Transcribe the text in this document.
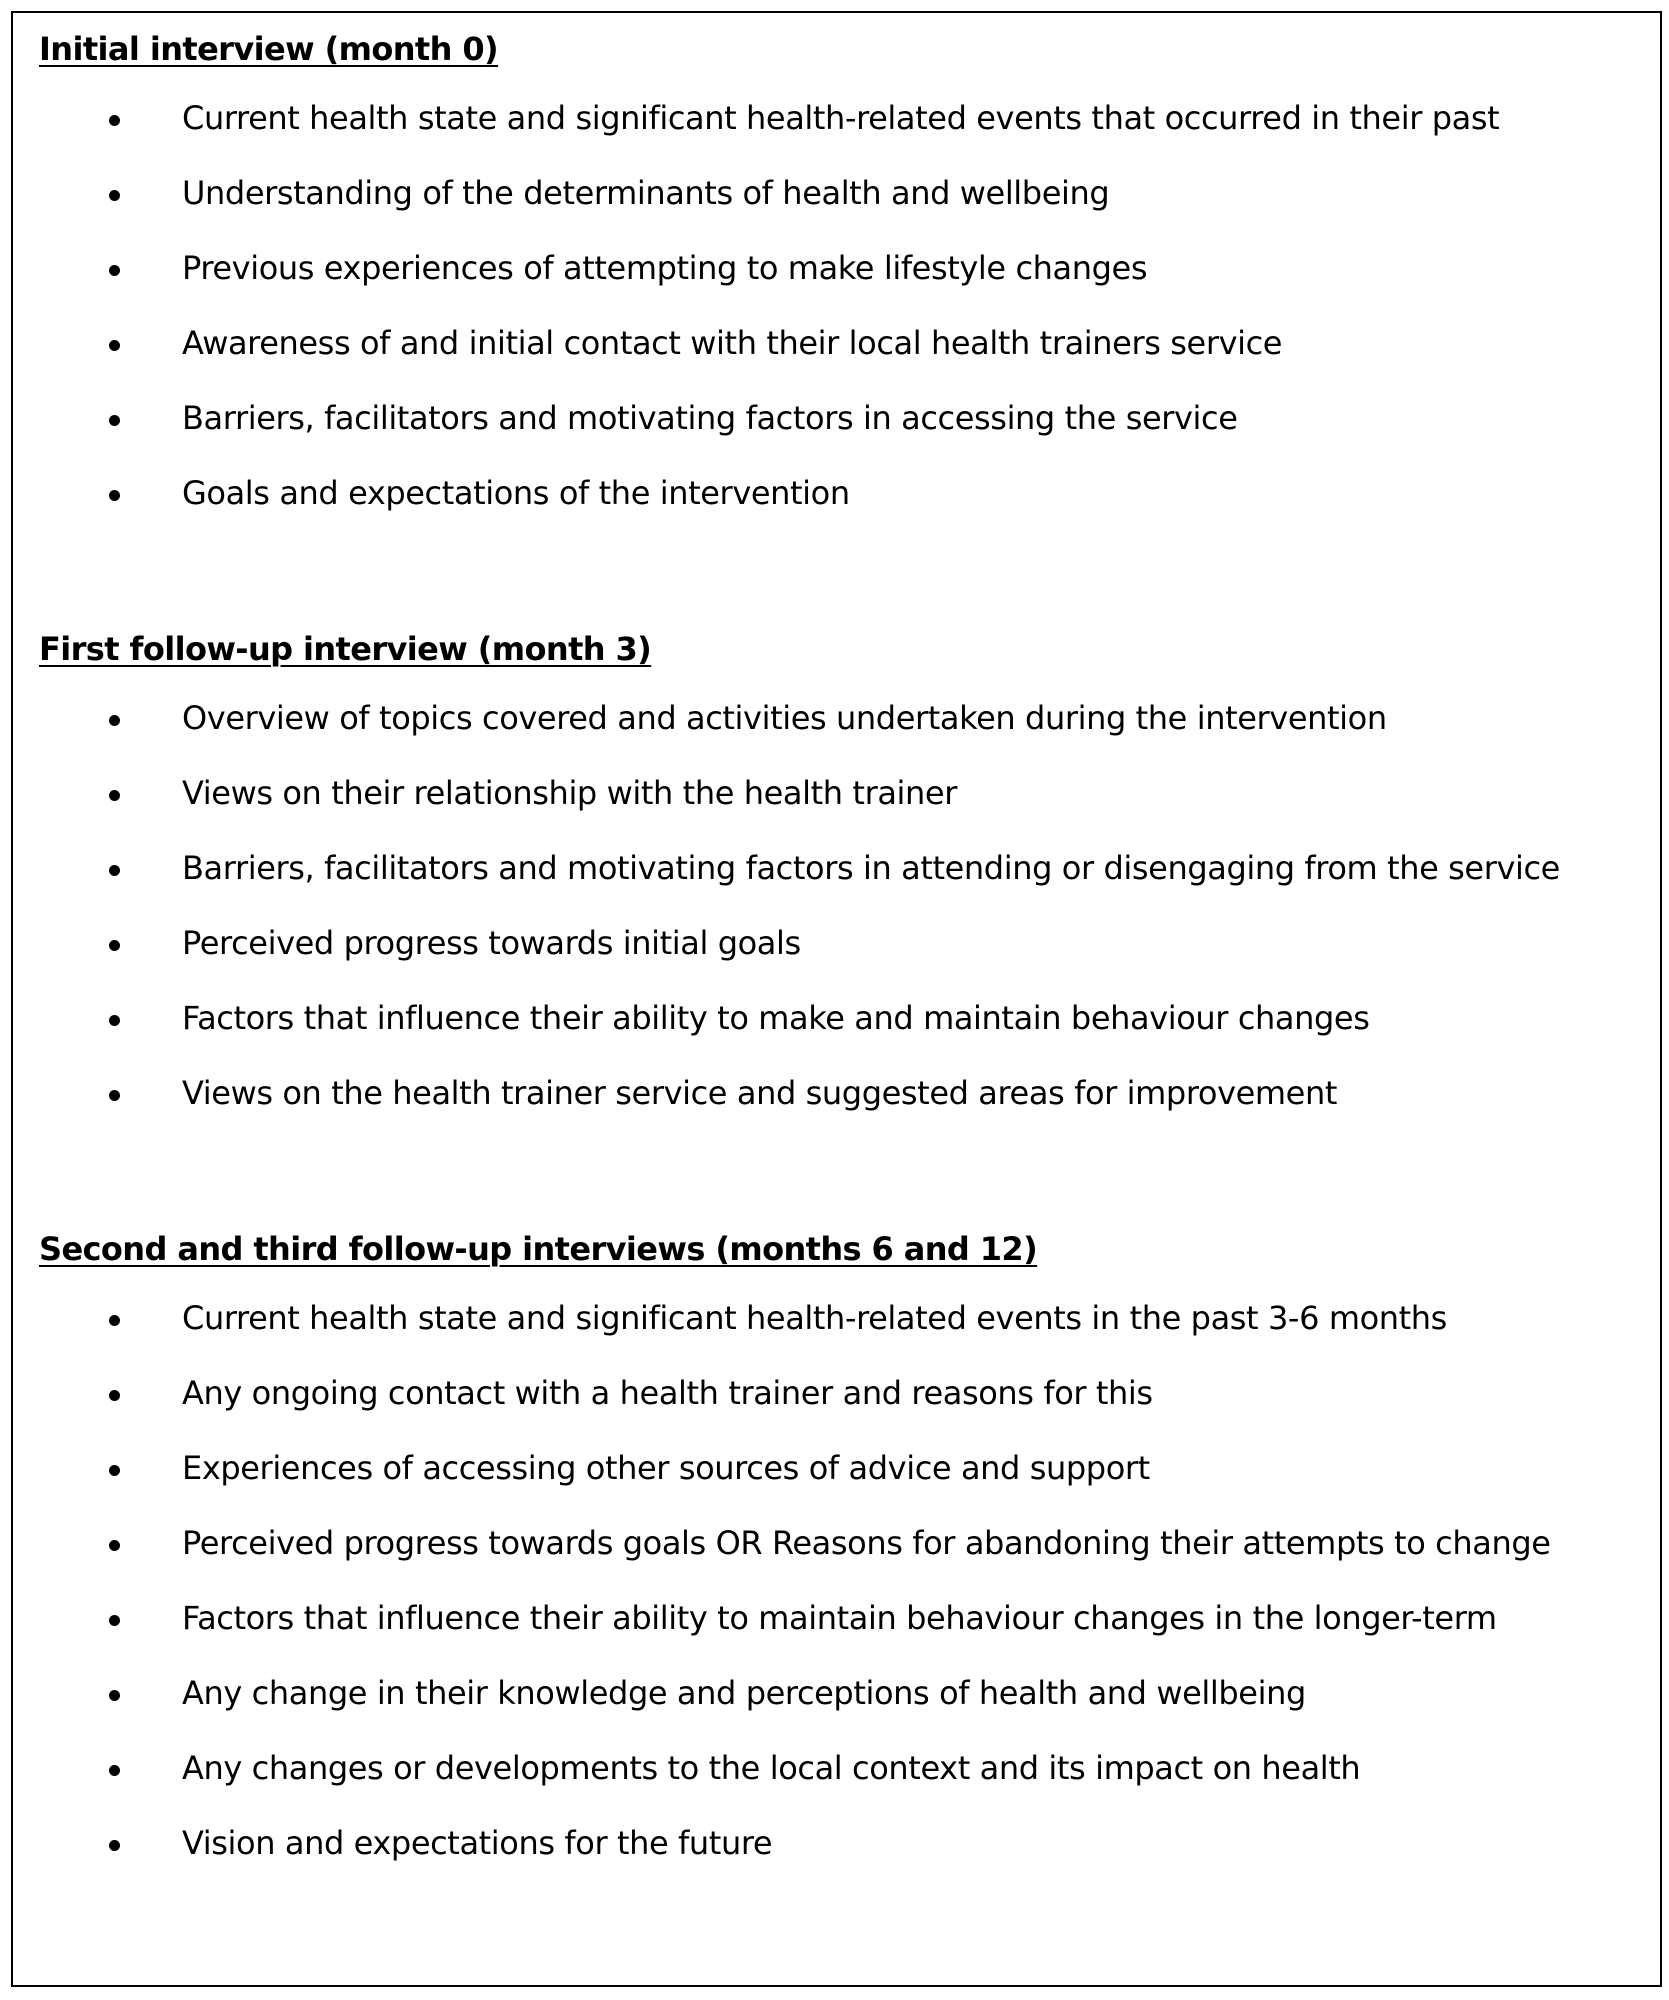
Initial interview (month 0)
Current health state and significant health-related events that occurred in their past
Understanding of the determinants of health and wellbeing
Previous experiences of attempting to make lifestyle changes
Awareness of and initial contact with their local health trainers service
Barriers, facilitators and motivating factors in accessing the service
Goals and expectations of the intervention
First follow-up interview (month 3)
Overview of topics covered and activities undertaken during the intervention
Views on their relationship with the health trainer
Barriers, facilitators and motivating factors in attending or disengaging from the service
Perceived progress towards initial goals
Factors that influence their ability to make and maintain behaviour changes
Views on the health trainer service and suggested areas for improvement
Second and third follow-up interviews (months 6 and 12)
Current health state and significant health-related events in the past 3-6 months
Any ongoing contact with a health trainer and reasons for this
Experiences of accessing other sources of advice and support
Perceived progress towards goals OR Reasons for abandoning their attempts to change
Factors that influence their ability to maintain behaviour changes in the longer-term
Any change in their knowledge and perceptions of health and wellbeing
Any changes or developments to the local context and its impact on health
Vision and expectations for the future
